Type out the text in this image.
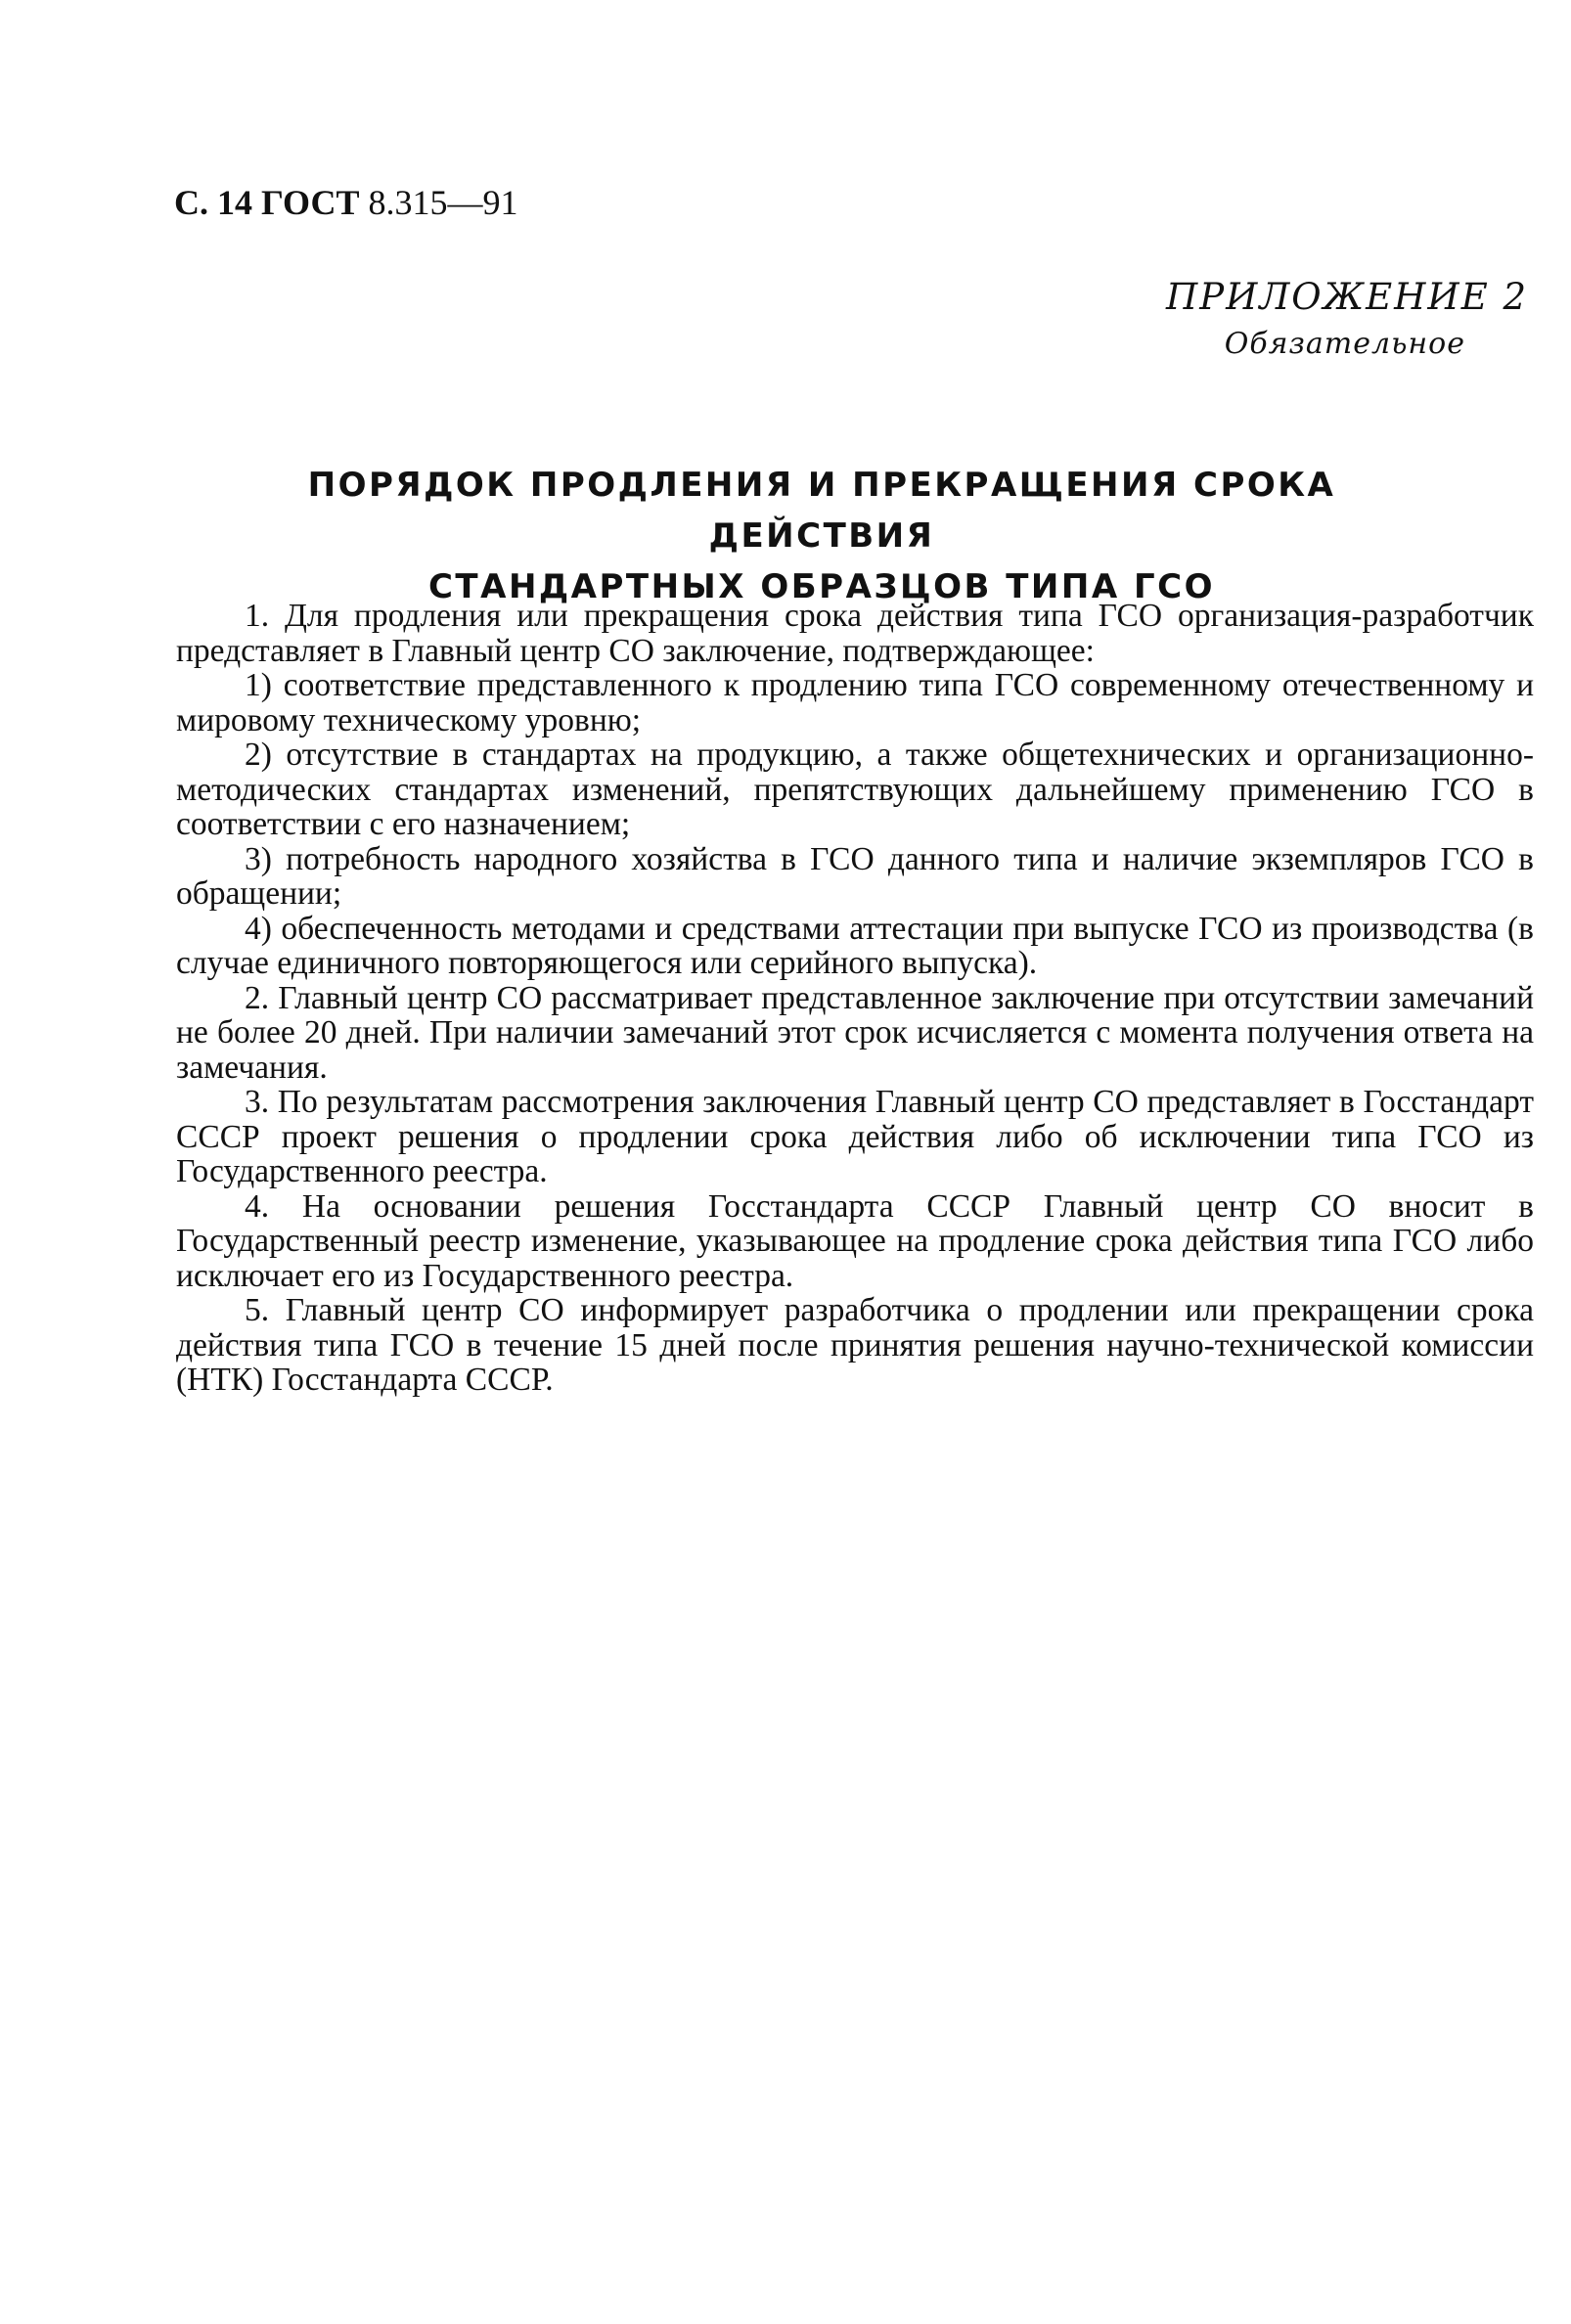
С. 14 ГОСТ 8.315—91
ПРИЛОЖЕНИЕ 2
Обязательное
ПОРЯДОК ПРОДЛЕНИЯ И ПРЕКРАЩЕНИЯ СРОКА ДЕЙСТВИЯ
СТАНДАРТНЫХ ОБРАЗЦОВ ТИПА ГСО

1. Для продления или прекращения срока действия типа ГСО организация-разработчик представляет в Главный центр СО заключение, подтверждающее:

1) соответствие представленного к продлению типа ГСО современному отечественному и мировому техническому уровню;

2) отсутствие в стандартах на продукцию, а также общетехнических и организационно-методических стандартах изменений, препятствующих дальнейшему применению ГСО в соответствии с его назначением;

3) потребность народного хозяйства в ГСО данного типа и наличие экземпляров ГСО в обращении;

4) обеспеченность методами и средствами аттестации при выпуске ГСО из производства (в случае единичного повторяющегося или серийного выпуска).

2. Главный центр СО рассматривает представленное заключение при отсутствии замечаний не более 20 дней. При наличии замечаний этот срок исчисляется с момента получения ответа на замечания.

3. По результатам рассмотрения заключения Главный центр СО представляет в Госстандарт СССР проект решения о продлении срока действия либо об исключении типа ГСО из Государственного реестра.

4. На основании решения Госстандарта СССР Главный центр СО вносит в Государственный реестр изменение, указывающее на продление срока действия типа ГСО либо исключает его из Государственного реестра.

5. Главный центр СО информирует разработчика о продлении или прекращении срока действия типа ГСО в течение 15 дней после принятия решения научно-технической комиссии (НТК) Госстандарта СССР.
